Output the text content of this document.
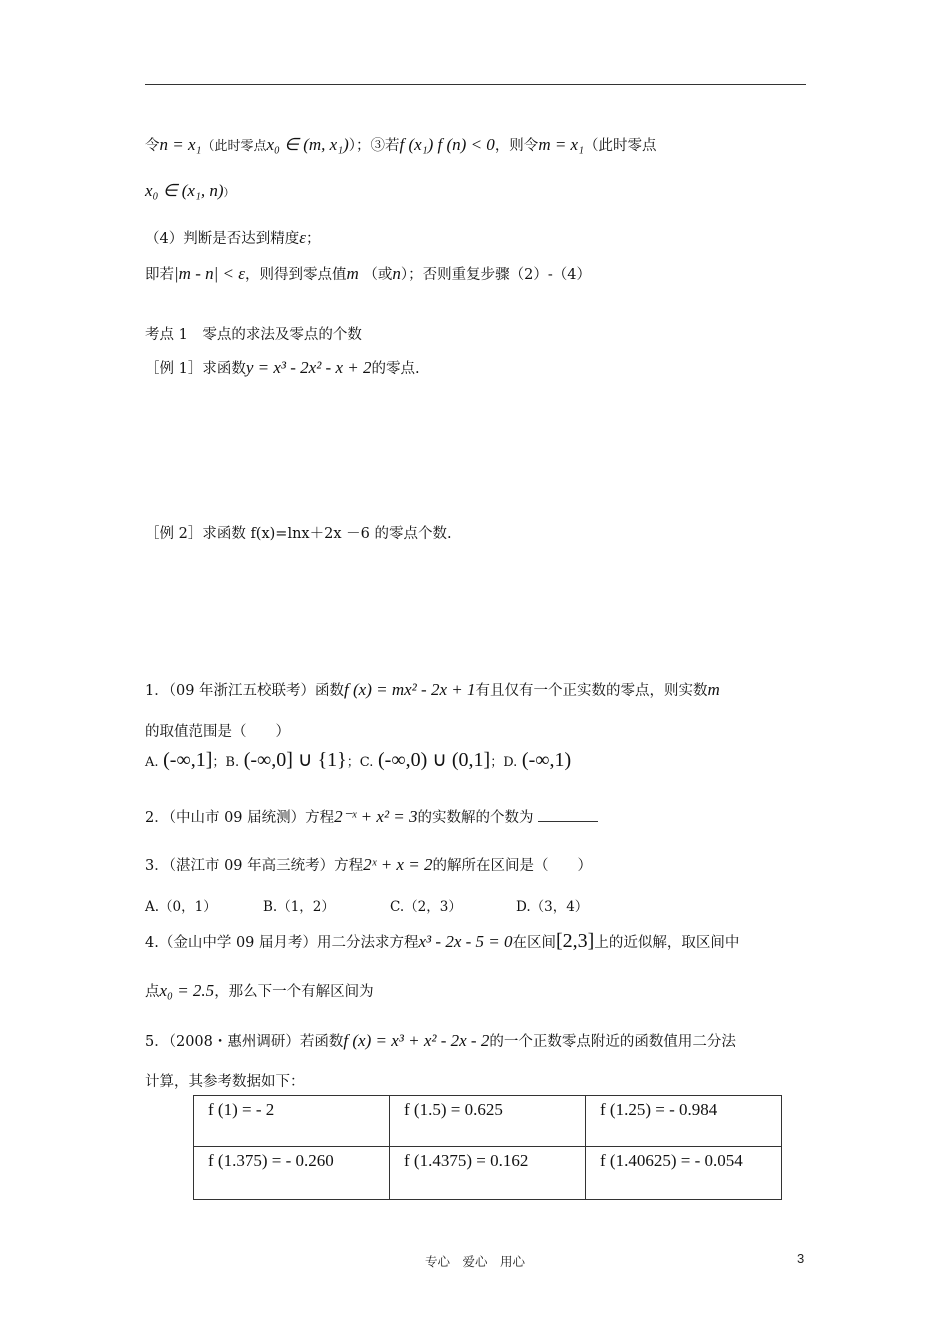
令n = x₁（此时零点x₀ ∈ (m, x₁)）；③若f (x₁) f (n) < 0，则令m = x₁（此时零点
x₀ ∈ (x₁, n)）
（4）判断是否达到精度ε；
即若|m - n| < ε，则得到零点值m （或n）；否则重复步骤（2）-（4）
考点 1　零点的求法及零点的个数
［例 1］求函数y = x³ - 2x² - x + 2的零点.
［例 2］求函数 f(x)=lnx＋2x －6 的零点个数.
1．（09 年浙江五校联考）函数f (x) = mx² - 2x + 1有且仅有一个正实数的零点，则实数m
的取值范围是（　　）
A. (-∞,1]；B. (-∞,0] ∪ {1}；C. (-∞,0) ∪ (0,1]；D. (-∞,1)
2．（中山市 09 届统测）方程2⁻ˣ + x² = 3的实数解的个数为
3．（湛江市 09 年高三统考）方程2ˣ + x = 2的解所在区间是（　　）
A.（0，1）	B.（1，2）	C.（2，3）	D.（3，4）
4.（金山中学 09 届月考）用二分法求方程x³ - 2x - 5 = 0在区间[2,3]上的近似解，取区间中
点x₀ = 2.5，那么下一个有解区间为
5．（2008・惠州调研）若函数f (x) = x³ + x² - 2x - 2的一个正数零点附近的函数值用二分法
计算，其参考数据如下：
f (1) = - 2	f (1.5) = 0.625	f (1.25) = - 0.984
f (1.375) = - 0.260	f (1.4375) = 0.162	f (1.40625) = - 0.054
专心　爱心　用心	3
